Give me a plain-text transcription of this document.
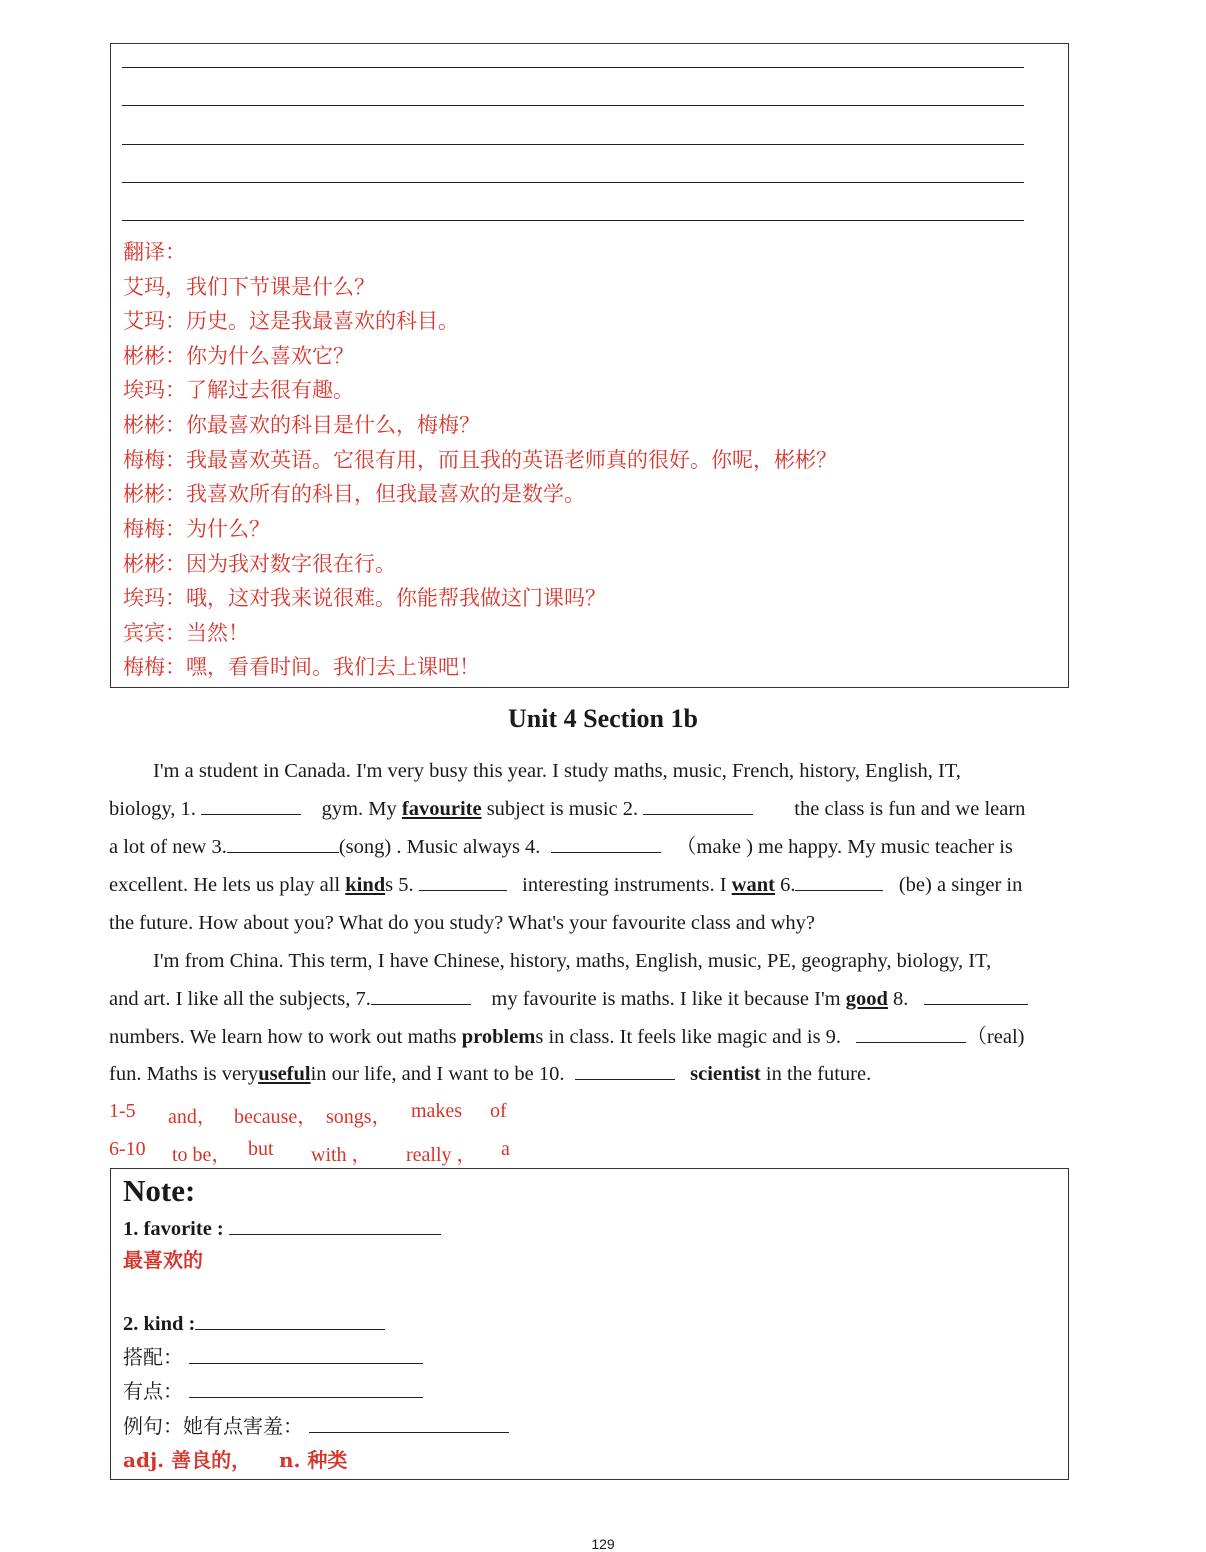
翻译：
艾玛，我们下节课是什么？
艾玛：历史。这是我最喜欢的科目。
彬彬：你为什么喜欢它？
埃玛：了解过去很有趣。
彬彬：你最喜欢的科目是什么，梅梅？
梅梅：我最喜欢英语。它很有用，而且我的英语老师真的很好。你呢，彬彬？
彬彬：我喜欢所有的科目，但我最喜欢的是数学。
梅梅：为什么？
彬彬：因为我对数字很在行。
埃玛：哦，这对我来说很难。你能帮我做这门课吗？
宾宾：当然！
梅梅：嘿，看看时间。我们去上课吧！
Unit 4 Section 1b
I'm a student in Canada. I'm very busy this year. I study maths, music, French, history, English, IT,
biology, 1.	gym. My favourite subject is music 2.	the class is fun and we learn
a lot of new 3.	(song) . Music always 4.	（make ) me happy. My music teacher is
excellent. He lets us play all kinds 5.	interesting instruments. I want 6.	(be) a singer in
the future. How about you? What do you study? What's your favourite class and why?
I'm from China. This term, I have Chinese, history, maths, English, music, PE, geography, biology, IT,
and art. I like all the subjects, 7.	my favourite is maths. I like it because I'm good 8.
numbers. We learn how to work out maths problems in class. It feels like magic and is 9.	（real)
fun. Maths is veryusefulin our life, and I want to be 10.	scientist in the future.
1-5 and， because， songs， makes of
6-10 to be， but with ， really ， a
Note:
1. favorite :
最喜欢的
2. kind :
搭配：
有点：
例句：她有点害羞：
adj. 善良的，    n. 种类
129
